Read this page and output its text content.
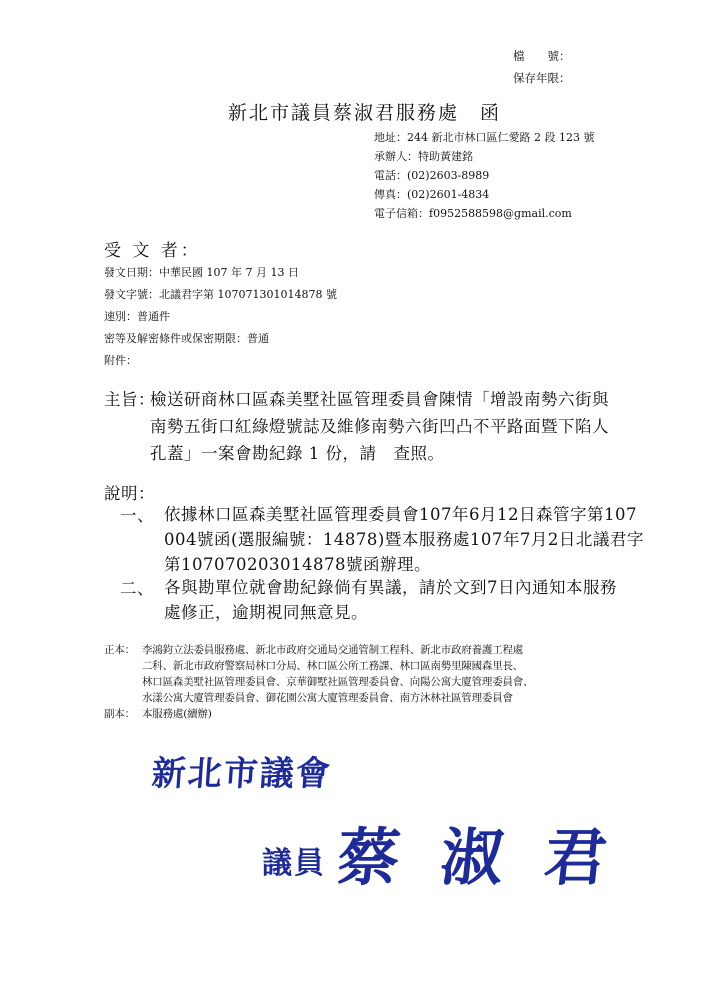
檔　　號：
保存年限：
新北市議員蔡淑君服務處　函
地址：244 新北市林口區仁愛路 2 段 123 號
承辦人：特助黃建銘
電話：(02)2603-8989
傳真：(02)2601-4834
電子信箱：f0952588598@gmail.com
受 文 者：
發文日期：中華民國 107 年 7 月 13 日
發文字號：北議君字第 107071301014878 號
速別：普通件
密等及解密條件或保密期限：普通
附件：
主旨：
檢送研商林口區森美墅社區管理委員會陳情「增設南勢六街與
南勢五街口紅綠燈號誌及維修南勢六街凹凸不平路面暨下陷人
孔蓋」一案會勘紀錄 1 份，請　查照。
說明：
一、 依據林口區森美墅社區管理委員會107年6月12日森管字第107
004號函(選服編號：14878)暨本服務處107年7月2日北議君字
第107070203014878號函辦理。
二、 各與勘單位就會勘紀錄倘有異議，請於文到7日內通知本服務
處修正，逾期視同無意見。
正本： 李鴻鈞立法委員服務處、新北市政府交通局交通管制工程科、新北市政府養護工程處
二科、新北市政府警察局林口分局、林口區公所工務課、林口區南勢里陳國森里長、
林口區森美墅社區管理委員會、京華御墅社區管理委員會、向陽公寓大廈管理委員會、
水漾公寓大廈管理委員會、御花園公寓大廈管理委員會、南方沐林社區管理委員會
副本： 本服務處(續辦)
新北市議會
議員 蔡 淑 君
